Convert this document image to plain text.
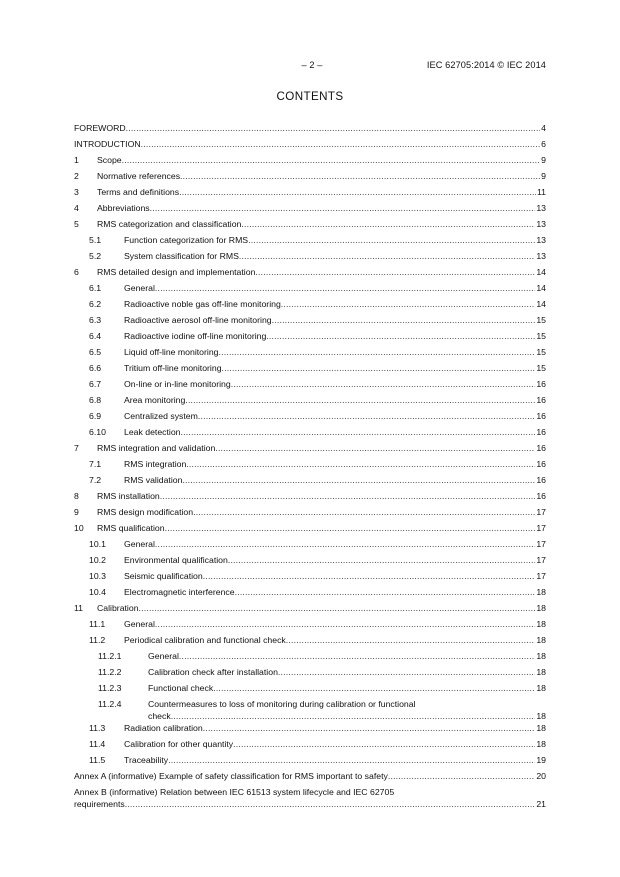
– 2 –	IEC 62705:2014 © IEC 2014
CONTENTS
FOREWORD .....	4
INTRODUCTION .....	6
1	Scope .....	9
2	Normative references .....	9
3	Terms and definitions .....	11
4	Abbreviations .....	13
5	RMS categorization and classification .....	13
5.1	Function categorization for RMS .....	13
5.2	System classification for RMS .....	13
6	RMS detailed design and implementation .....	14
6.1	General .....	14
6.2	Radioactive noble gas off-line monitoring .....	14
6.3	Radioactive aerosol off-line monitoring .....	15
6.4	Radioactive iodine off-line monitoring .....	15
6.5	Liquid off-line monitoring .....	15
6.6	Tritium off-line monitoring .....	15
6.7	On-line or in-line monitoring .....	16
6.8	Area monitoring .....	16
6.9	Centralized system .....	16
6.10	Leak detection .....	16
7	RMS integration and validation .....	16
7.1	RMS integration .....	16
7.2	RMS validation .....	16
8	RMS installation .....	16
9	RMS design modification .....	17
10	RMS qualification .....	17
10.1	General .....	17
10.2	Environmental qualification .....	17
10.3	Seismic qualification .....	17
10.4	Electromagnetic interference .....	18
11	Calibration .....	18
11.1	General .....	18
11.2	Periodical calibration and functional check .....	18
11.2.1	General .....	18
11.2.2	Calibration check after installation .....	18
11.2.3	Functional check .....	18
11.2.4	Countermeasures to loss of monitoring during calibration or functional
check .....	18
11.3	Radiation calibration .....	18
11.4	Calibration for other quantity .....	18
11.5	Traceability .....	19
Annex A (informative) Example of safety classification for RMS important to safety .....	20
Annex B (informative) Relation between IEC 61513 system lifecycle and IEC 62705
requirements .....	21
